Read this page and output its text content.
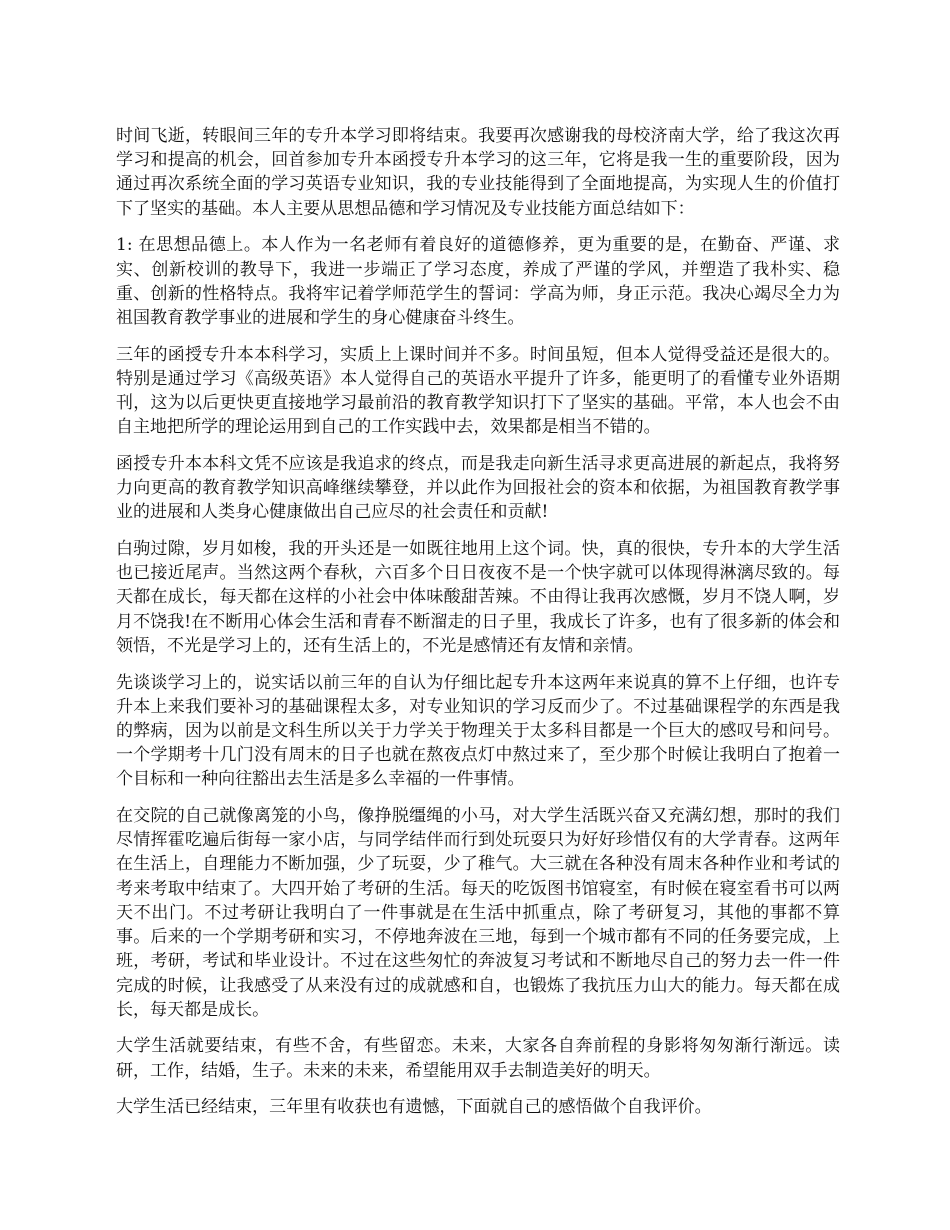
时间飞逝，转眼间三年的专升本学习即将结束。我要再次感谢我的母校济南大学，给了我这次再学习和提高的机会，回首参加专升本函授专升本学习的这三年，它将是我一生的重要阶段，因为通过再次系统全面的学习英语专业知识，我的专业技能得到了全面地提高，为实现人生的价值打下了坚实的基础。本人主要从思想品德和学习情况及专业技能方面总结如下：

1: 在思想品德上。本人作为一名老师有着良好的道德修养，更为重要的是，在勤奋、严谨、求实、创新校训的教导下，我进一步端正了学习态度，养成了严谨的学风，并塑造了我朴实、稳重、创新的性格特点。我将牢记着学师范学生的誓词：学高为师，身正示范。我决心竭尽全力为祖国教育教学事业的进展和学生的身心健康奋斗终生。

三年的函授专升本本科学习，实质上上课时间并不多。时间虽短，但本人觉得受益还是很大的。特别是通过学习《高级英语》本人觉得自己的英语水平提升了许多，能更明了的看懂专业外语期刊，这为以后更快更直接地学习最前沿的教育教学知识打下了坚实的基础。平常，本人也会不由自主地把所学的理论运用到自己的工作实践中去，效果都是相当不错的。

函授专升本本科文凭不应该是我追求的终点，而是我走向新生活寻求更高进展的新起点，我将努力向更高的教育教学知识高峰继续攀登，并以此作为回报社会的资本和依据，为祖国教育教学事业的进展和人类身心健康做出自己应尽的社会责任和贡献!

白驹过隙，岁月如梭，我的开头还是一如既往地用上这个词。快，真的很快，专升本的大学生活也已接近尾声。当然这两个春秋，六百多个日日夜夜不是一个快字就可以体现得淋漓尽致的。每天都在成长，每天都在这样的小社会中体味酸甜苦辣。不由得让我再次感慨，岁月不饶人啊，岁月不饶我!在不断用心体会生活和青春不断溜走的日子里，我成长了许多，也有了很多新的体会和领悟，不光是学习上的，还有生活上的，不光是感情还有友情和亲情。

先谈谈学习上的，说实话以前三年的自认为仔细比起专升本这两年来说真的算不上仔细，也许专升本上来我们要补习的基础课程太多，对专业知识的学习反而少了。不过基础课程学的东西是我的弊病，因为以前是文科生所以关于力学关于物理关于太多科目都是一个巨大的感叹号和问号。一个学期考十几门没有周末的日子也就在熬夜点灯中熬过来了，至少那个时候让我明白了抱着一个目标和一种向往豁出去生活是多么幸福的一件事情。

在交院的自己就像离笼的小鸟，像挣脱缰绳的小马，对大学生活既兴奋又充满幻想，那时的我们尽情挥霍吃遍后街每一家小店，与同学结伴而行到处玩耍只为好好珍惜仅有的大学青春。这两年在生活上，自理能力不断加强，少了玩耍，少了稚气。大三就在各种没有周末各种作业和考试的考来考取中结束了。大四开始了考研的生活。每天的吃饭图书馆寝室，有时候在寝室看书可以两天不出门。不过考研让我明白了一件事就是在生活中抓重点，除了考研复习，其他的事都不算事。后来的一个学期考研和实习，不停地奔波在三地，每到一个城市都有不同的任务要完成，上班，考研，考试和毕业设计。不过在这些匆忙的奔波复习考试和不断地尽自己的努力去一件一件完成的时候，让我感受了从来没有过的成就感和自，也锻炼了我抗压力山大的能力。每天都在成长，每天都是成长。

大学生活就要结束，有些不舍，有些留恋。未来，大家各自奔前程的身影将匆匆渐行渐远。读研，工作，结婚，生子。未来的未来，希望能用双手去制造美好的明天。

大学生活已经结束，三年里有收获也有遗憾，下面就自己的感悟做个自我评价。
